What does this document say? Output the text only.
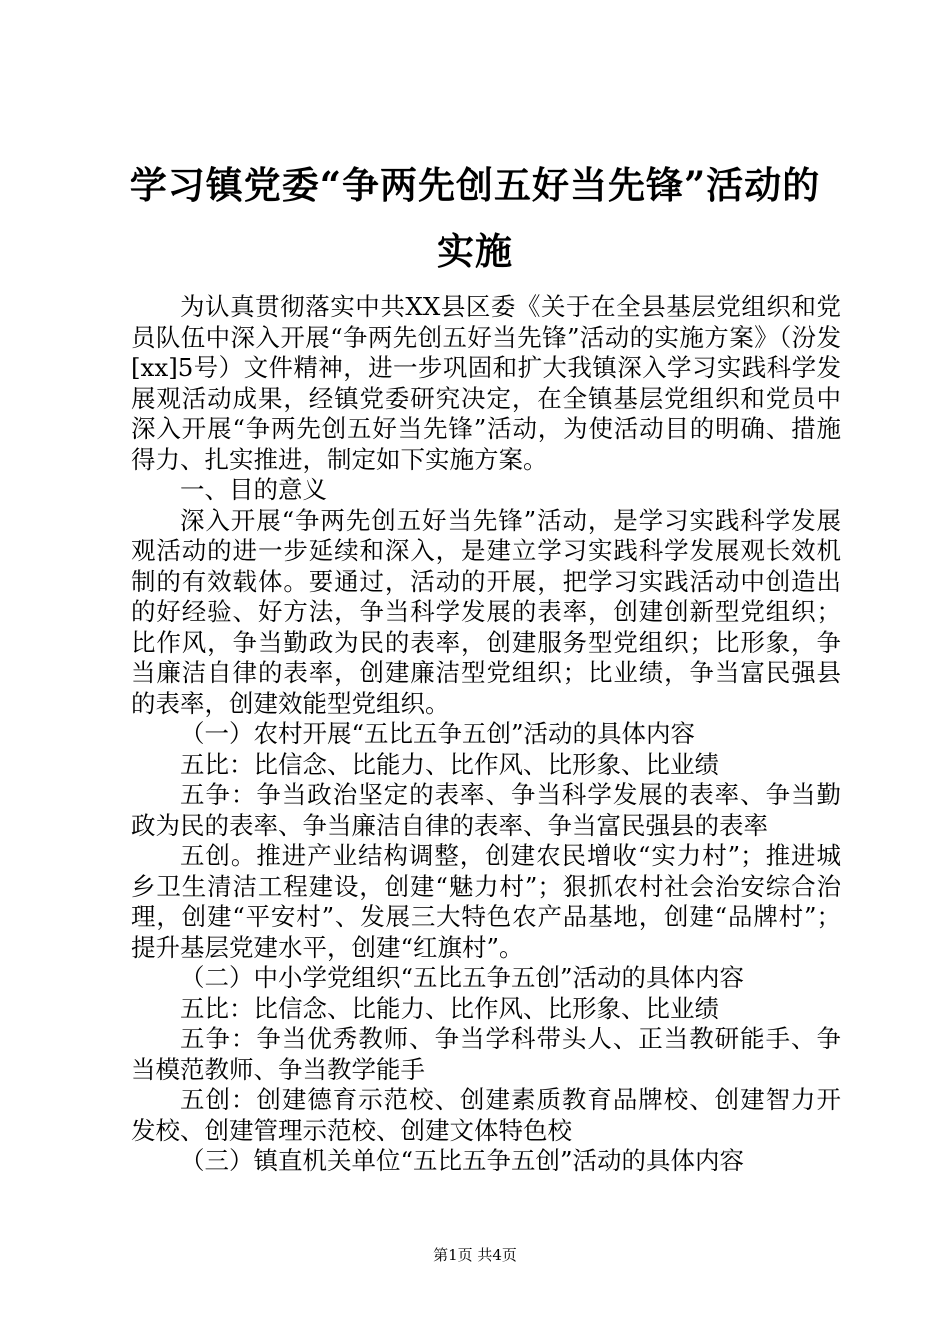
学习镇党委“争两先创五好当先锋”活动的实施

为认真贯彻落实中共XX县区委《关于在全县基层党组织和党员队伍中深入开展“争两先创五好当先锋”活动的实施方案》（汾发[xx]5号）文件精神，进一步巩固和扩大我镇深入学习实践科学发展观活动成果，经镇党委研究决定，在全镇基层党组织和党员中深入开展“争两先创五好当先锋”活动，为使活动目的明确、措施得力、扎实推进，制定如下实施方案。

一、目的意义

深入开展“争两先创五好当先锋”活动，是学习实践科学发展观活动的进一步延续和深入，是建立学习实践科学发展观长效机制的有效载体。要通过，活动的开展，把学习实践活动中创造出的好经验、好方法，争当科学发展的表率，创建创新型党组织；比作风，争当勤政为民的表率，创建服务型党组织；比形象，争当廉洁自律的表率，创建廉洁型党组织；比业绩，争当富民强县的表率，创建效能型党组织。

（一）农村开展“五比五争五创”活动的具体内容

五比：比信念、比能力、比作风、比形象、比业绩

五争：争当政治坚定的表率、争当科学发展的表率、争当勤政为民的表率、争当廉洁自律的表率、争当富民强县的表率

五创。推进产业结构调整，创建农民增收“实力村”；推进城乡卫生清洁工程建设，创建“魅力村”；狠抓农村社会治安综合治理，创建“平安村”、发展三大特色农产品基地，创建“品牌村”；提升基层党建水平，创建“红旗村”。

（二）中小学党组织“五比五争五创”活动的具体内容

五比：比信念、比能力、比作风、比形象、比业绩

五争：争当优秀教师、争当学科带头人、正当教研能手、争当模范教师、争当教学能手

五创：创建德育示范校、创建素质教育品牌校、创建智力开发校、创建管理示范校、创建文体特色校

（三）镇直机关单位“五比五争五创”活动的具体内容

第1页 共4页
